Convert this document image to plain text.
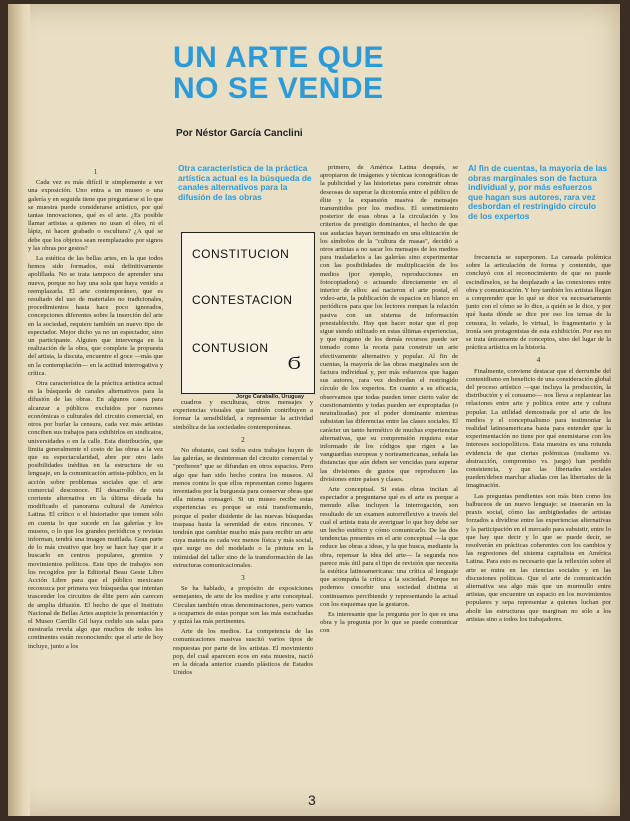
UN ARTE QUE
NO SE VENDE
Por Néstor García Canclini
Otra característica de la práctica artística actual es la búsqueda de canales alternativos para la difusión de las obras
Al fin de cuentas, la mayoría de las obras marginales son de factura individual y, por más esfuerzos que hagan sus autores, rara vez desbordan el restringido círculo de los expertos
CONSTITUCION
CONTESTACION
CONTUSION
Ϭ
Jorge Caraballo, Uruguay
1

Cada vez es más difícil ir simplemente a ver una exposición. Uno entra a un museo o una galería y en seguida tiene que preguntarse si lo que se muestra puede considerarse artístico, por qué tantas innovaciones, qué es el arte. ¿Es posible llamar artistas a quienes no usan el óleo, ni el lápiz, ni hacen grabado o escultura? ¿A qué se debe que los objetos sean reemplazados por signos y las obras por gestos?

La estética de las bellas artes, en la que todos hemos sido formados, está definitivamente apolillada. No se trata tampoco de aprender una nueva, porque no hay una sola que haya venido a reemplazarla. El arte contemporáneo, que es resultado del uso de materiales no tradicionales, procedimientos hasta hace poco ignorados, concepciones diferentes sobre la inserción del arte en la sociedad, requiere también un nuevo tipo de espectador. Mejor dicho ya no un espectador, sino un participante. Alguien que intervenga en la realización de la obra, que complete la propuesta del artista, la discuta, encuentre el goce —más que en la contemplación— en la actitud interrogativa y crítica.

Otra característica de la práctica artística actual es la búsqueda de canales alternativos para la difusión de las obras. En algunos casos para alcanzar a públicos excluidos por razones económicas o culturales del circuito comercial, en otros por burlar la censura, cada vez más artistas conciben sus trabajos para exhibirlos en sindicatos, universidades o en la calle. Esta distribución, que limita generalmente el costo de las obras a la vez que su espectacularidad, abre por otro lado posibilidades inéditas en la estructura de su lenguaje, en la comunicación artista-público, en la acción sobre problemas sociales que el arte comercial desconoce. El desarrollo de esta corriente alternativa en la última década ha modificado el panorama cultural de América Latina. El crítico o el historiador que tomen sólo en cuenta lo que sucede en las galerías y los museos, o lo que los grandes periódicos y revistas informan, tendrá una imagen mutilada. Gran parte de lo más creativo que hoy se hace hay que ir a buscarlo en centros populares, gremios y movimientos políticos. Este tipo de trabajos son los recogidos por la Editorial Beau Geste Libro Acción Libre para que el público mexicano reconozca por primera vez búsquedas que intentan trascender los circuitos de élite pero aún carecen de amplia difusión. El hecho de que el Instituto Nacional de Bellas Artes auspicie la presentación y el Museo Carrillo Gil haya cedido sus salas para mostrarla revela algo que muchos de todos los continentes están reconociendo: que el arte de hoy incluye, junto a los

cuadros y esculturas, otros mensajes y experiencias visuales que también contribuyen a formar la sensibilidad, a representar la actividad simbólica de las sociedades contemporáneas.

2

No obstante, casi todos estos trabajos huyen de las galerías, se desinteresan del circuito comercial y "prefieren" que se difundan en otros espacios. Pero algo que han sido hecho contra los museos. Al menos contra lo que ellos representan como lugares inventados por la burguesía para conservar obras que ella misma consagró. Si un museo recibe estas experiencias es porque se está transformando, porque el poder disidente de las nuevas búsquedas traspasa hasta la serenidad de estos rincones. Y tendrán que cambiar mucho más para recibir un arte cuya materia es cada vez menos física y más social, que surge no del modelado o la pintura en la intimidad del taller sino de la transformación de las estructuras comunicacionales.

3

Se ha hablado, a propósito de exposiciones semejantes, de arte de los medios y arte conceptual. Circulan también otras denominaciones, pero vamos a ocuparnos de estas porque son las más escuchadas y quizá las más pertinentes.

Arte de los medios. La competencia de las comunicaciones masivas suscitó varios tipos de respuestas por parte de los artistas. El movimiento pop, del cual aparecen ecos en esta muestra, nació en la década anterior cuando plásticos de Estados Unidos

primero, de América Latina después, se apropiaron de imágenes y técnicas iconográficas de la publicidad y las historietas para construir obras deseosas de superar la dicotomía entre el público de élite y la expansión masiva de mensajes transmitidos por los medios. El sometimiento posterior de esas obras a la circulación y los criterios de prestigio dominantes, el hecho de que sus audacias hayan terminado en una elitización de los símbolos de la "cultura de masas", decidió a otros artistas a no sacar los mensajes de los medios para trasladarlos a las galerías sino experimentar con las posibilidades de multiplicación de los medios (por ejemplo, reproducciones en fotocopiadora) o actuando directamente en el interior de ellos: así nacieron el arte postal, el video-arte, la publicación de espacios en blanco en periódicos para que los lectores rompan la relación pasiva con un sistema de información preestablecido. Hay que hacer notar que el pop sigue siendo utilizado en estas últimas experiencias, y que ninguno de los demás recursos puede ser tomado como la receta para construir un arte efectivamente alternativo y popular. Al fin de cuentas, la mayoría de las obras marginales son de factura individual y, por más esfuerzos que hagan sus autores, rara vez desbordan el restringido círculo de los expertos. En cuanto a su eficacia, observamos que todas pueden tener cierto valor de cuestionamiento y todas pueden ser expropiadas (o neutralizadas) por el poder dominante mientras subsistan las diferencias entre las clases sociales. El carácter un tanto hermético de muchas experiencias alternativas, que su comprensión requiera estar informado de los códigos que rigen a las vanguardias europeas y norteamericanas, señala las distancias que aún deben ser vencidas para superar las divisiones de gustos que reproducen las divisiones entre países y clases.

Arte conceptual. Si estas obras incitan al espectador a preguntarse qué es el arte es porque a menudo ellas incluyen la interrogación, son resultado de un examen autorreflexivo a través del cual el artista trata de averiguar lo que hoy debe ser un hecho estético y cómo comunicarlo. De las dos tendencias presentes en el arte conceptual —la que reduce las obras a ideas, y la que busca, mediante la obra, repensar la idea del arte— la segunda nos parece más útil para el tipo de revisión que necesita la estética latinoamericana: una crítica al lenguaje que acompaña la crítica a la sociedad. Porque no podemos concebir una sociedad distinta si continuamos percibiendo y representando la actual con los esquemas que la gestaron.

Es interesante que la pregunta por lo que es una obra y la pregunta por lo que se puede comunicar con

frecuencia se superponen. La cansada polémica sobre la articulación de forma y contenido, que concluyó con el reconocimiento de que no puede escindírselos, se ha desplazado a las conexiones entre obra y comunicación. Y hoy también los artistas llegan a comprender que lo qué se dice va necesariamente junto con el cómo se lo dice, a quién se le dice, y por qué hasta dónde se dice por eso los temas de la censura, lo velado, lo virtual, lo fragmentario y la ironía son protagonistas de esta exhibición. Por eso no se trata únicamente de conceptos, sino del lugar de la práctica artística en la historia.

4

Finalmente, conviene destacar que el derrumbe del contenidismo en beneficio de una consideración global del proceso artístico —que incluya la producción, la distribución y el consumo— nos lleva a replantear las relaciones entre arte y política entre arte y cultura popular. La utilidad demostrada por el arte de los medios y el conceptualismo para testimoniar la realidad latinoamericana basta para entender que la experimentación no tiene por qué enemistarse con los intereses sociopolíticos. Esta muestra es una rotunda evidencia de que ciertas polémicas (realismo vs. abstracción, compromiso vs. juego) han perdido consistencia, y que las libertades sociales pueden/deben marchar aliadas con las libertades de la imaginación.

Las preguntas pendientes son más bien como los balbuceos de un nuevo lenguaje: se inserarán en la praxis social, cómo las ambigüedades de artistas forzados a dividirse entre las experiencias alternativas y la participación en el mercado para subsistir, entre lo que hay que decir y lo que se puede decir, se resolverán en prácticas coherentes con los cambios y las regresiones del sistema capitalista en América Latina. Para esto es necesario que la reflexión sobre el arte se nutra en las ciencias sociales y en las discusiones políticas. Que el arte de comunicación alternativa sea algo más que un murmullo entre artistas, que encuentre un espacio en los movimientos populares y sepa representar a quienes luchan por abolir las estructuras que marginan no sólo a los artistas sino a todos los trabajadores.

3
